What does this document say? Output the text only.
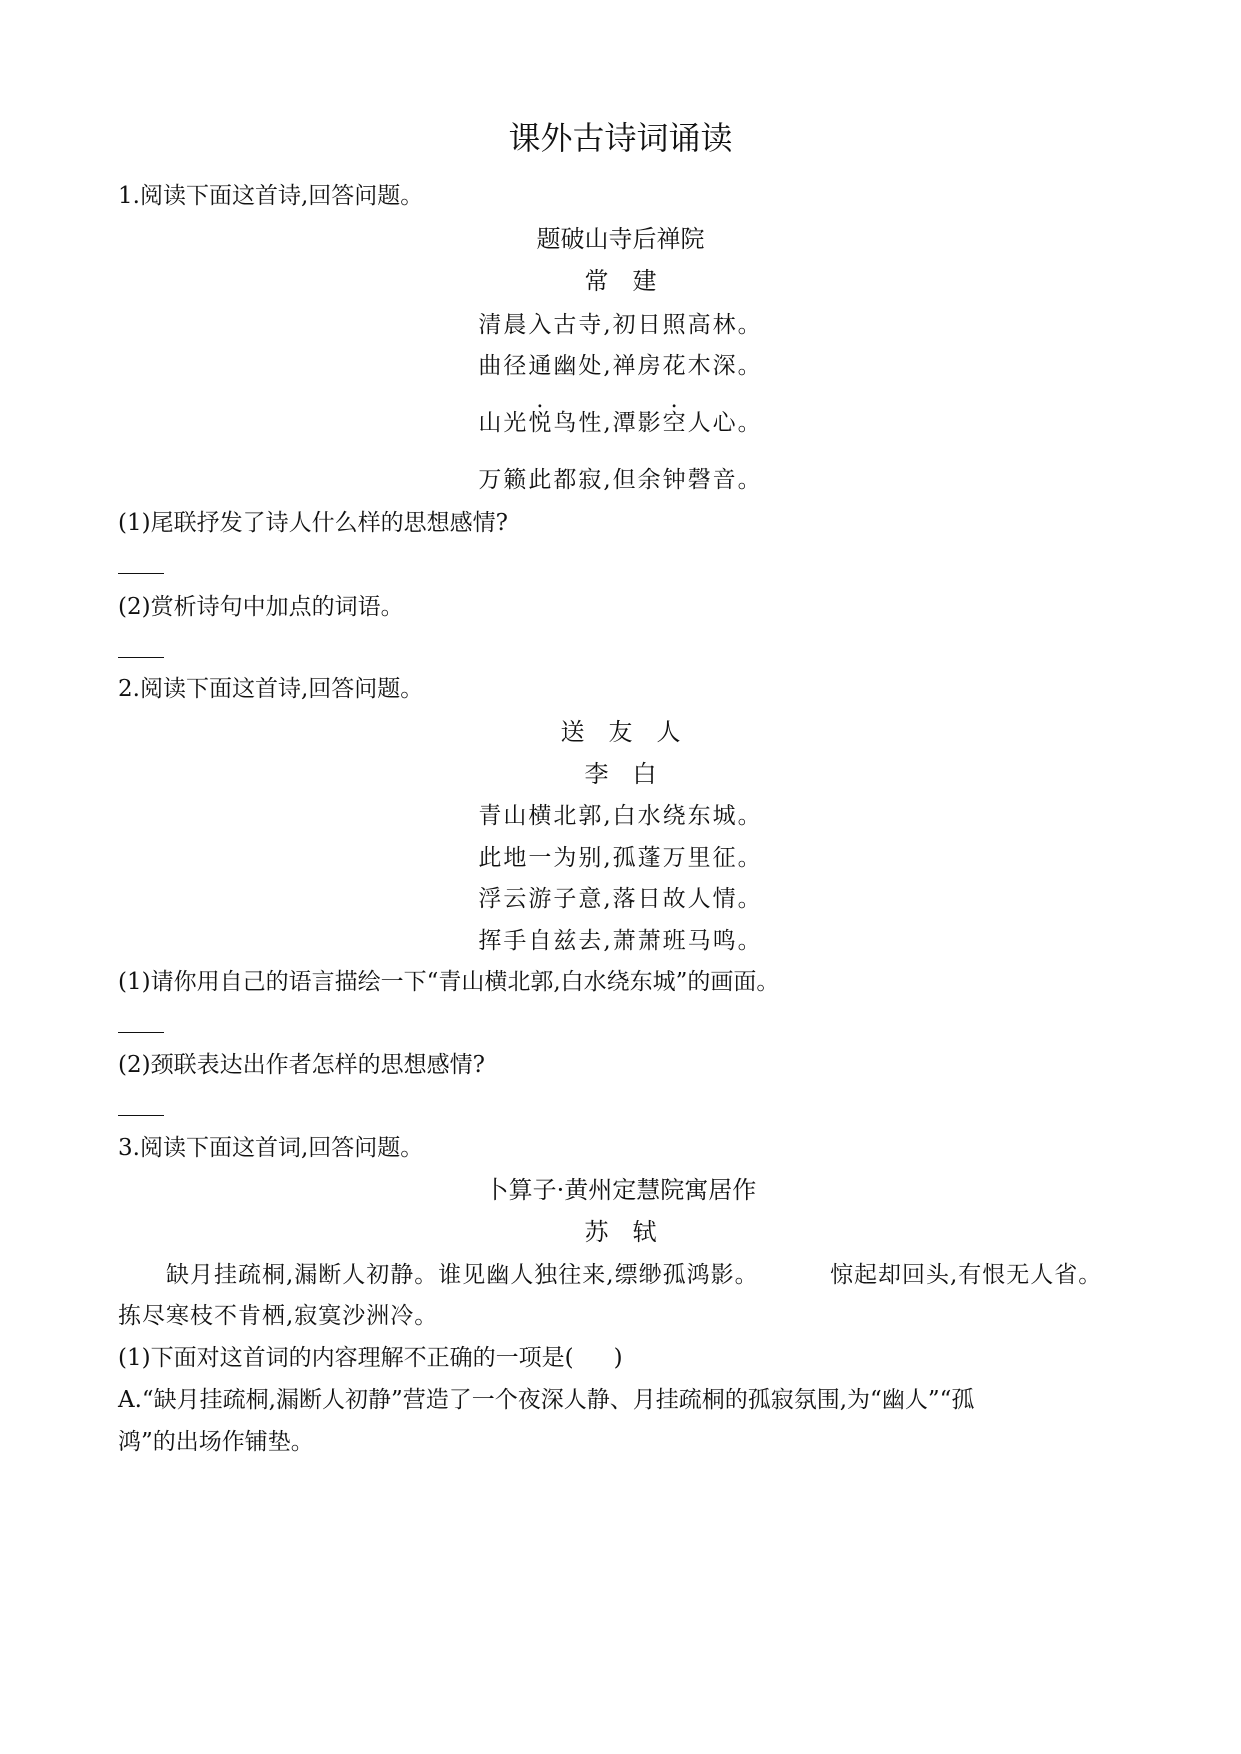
课外古诗词诵读
1.阅读下面这首诗,回答问题。
题破山寺后禅院
常　建
清晨入古寺,初日照高林。
曲径通幽处,禅房花木深。
山光悦鸟性,潭影空人心。
万籁此都寂,但余钟磬音。
(1)尾联抒发了诗人什么样的思想感情?
(2)赏析诗句中加点的词语。
2.阅读下面这首诗,回答问题。
送　友　人
李　白
青山横北郭,白水绕东城。
此地一为别,孤蓬万里征。
浮云游子意,落日故人情。
挥手自兹去,萧萧班马鸣。
(1)请你用自己的语言描绘一下“青山横北郭,白水绕东城”的画面。
(2)颈联表达出作者怎样的思想感情?
3.阅读下面这首词,回答问题。
卜算子·黄州定慧院寓居作
苏　轼
缺月挂疏桐,漏断人初静。谁见幽人独往来,缥缈孤鸿影。	惊起却回头,有恨无人省。
拣尽寒枝不肯栖,寂寞沙洲冷。
(1)下面对这首词的内容理解不正确的一项是( )
A.“缺月挂疏桐,漏断人初静”营造了一个夜深人静、月挂疏桐的孤寂氛围,为“幽人”“孤
鸿”的出场作铺垫。
